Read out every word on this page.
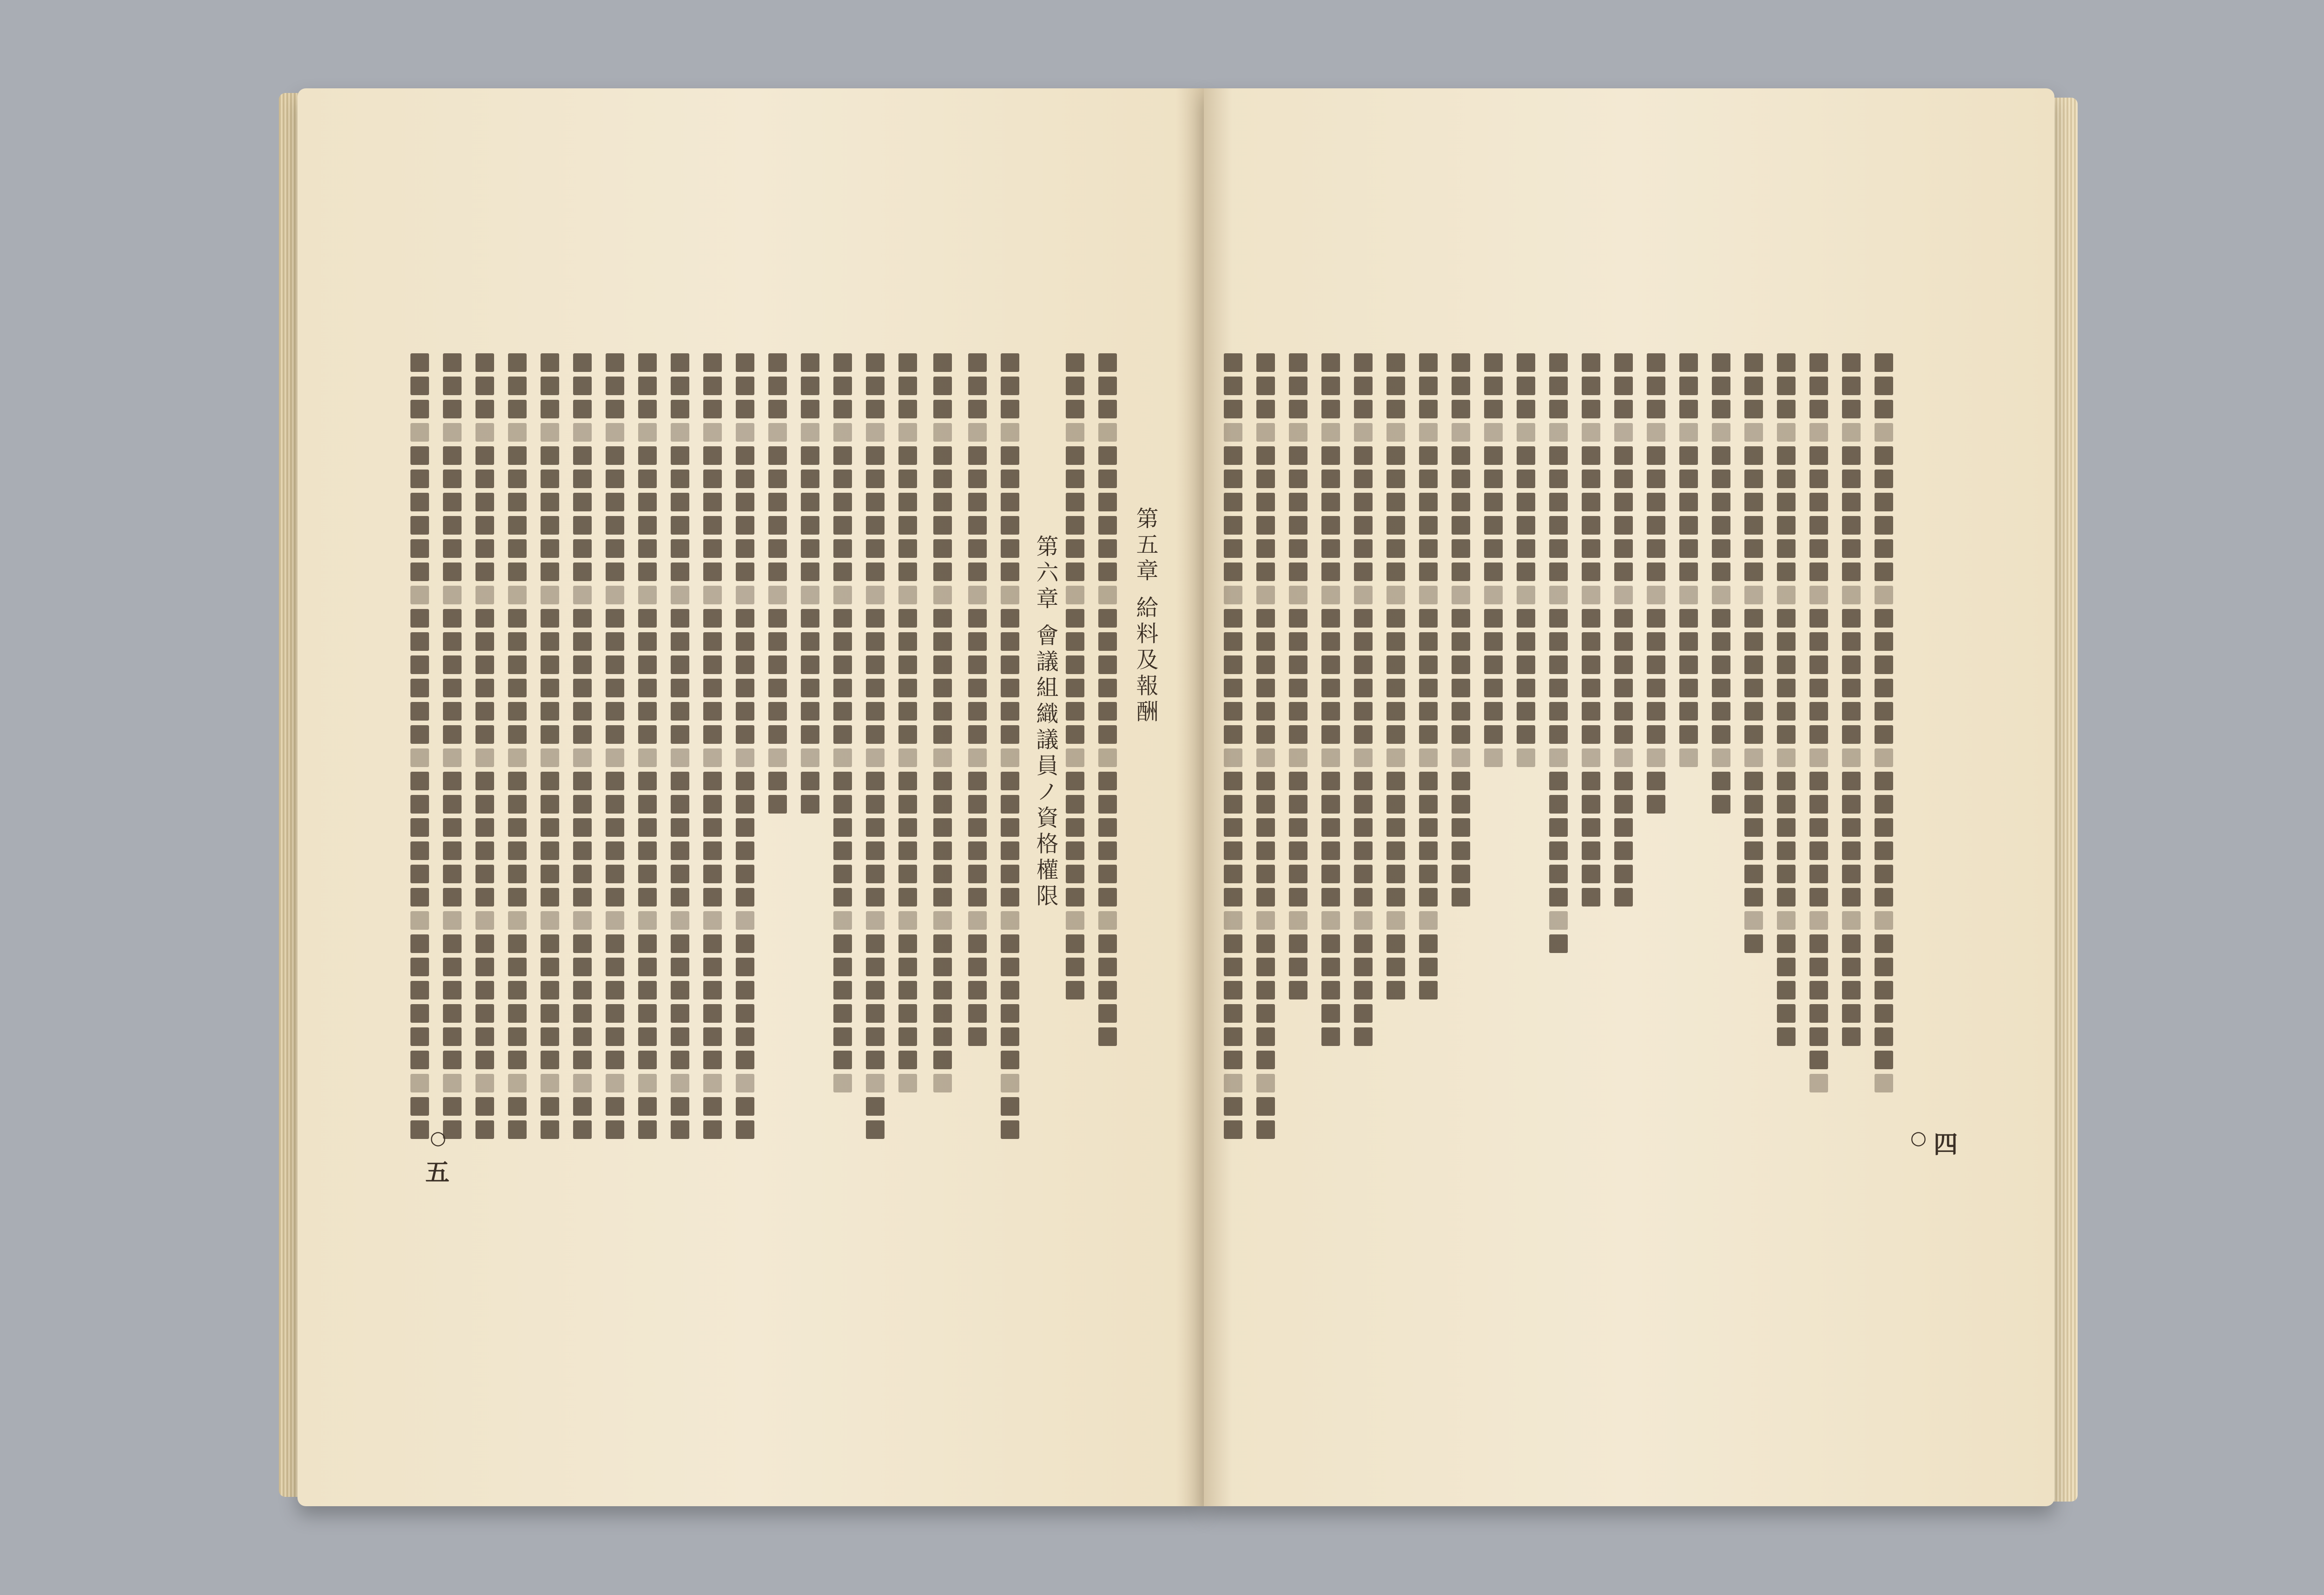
第五章 給料及報酬
第六章 會議組織議員ノ資格權限
○
五
○ 四
